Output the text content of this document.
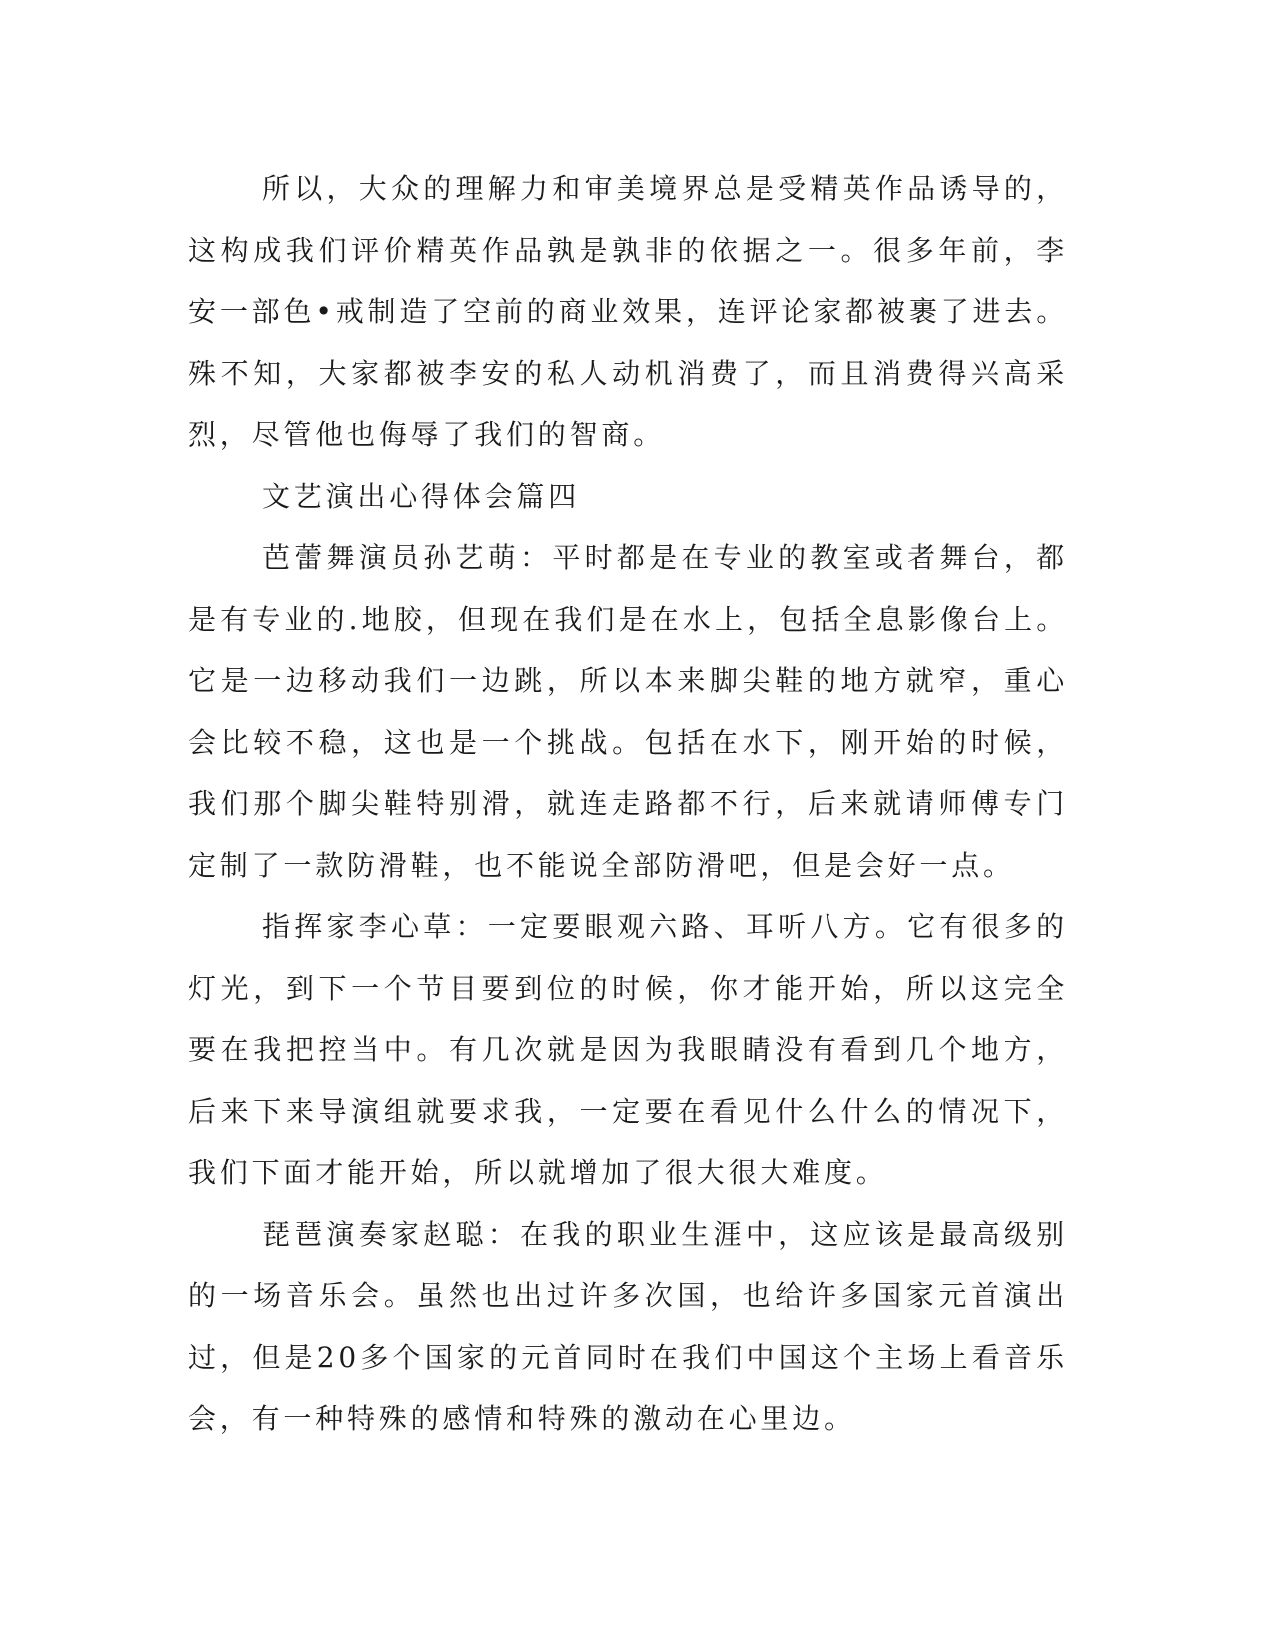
所以，大众的理解力和审美境界总是受精英作品诱导的，这构成我们评价精英作品孰是孰非的依据之一。很多年前，李安一部色•戒制造了空前的商业效果，连评论家都被裹了进去。殊不知，大家都被李安的私人动机消费了，而且消费得兴高采烈，尽管他也侮辱了我们的智商。

文艺演出心得体会篇四

芭蕾舞演员孙艺萌：平时都是在专业的教室或者舞台，都是有专业的.地胶，但现在我们是在水上，包括全息影像台上。它是一边移动我们一边跳，所以本来脚尖鞋的地方就窄，重心会比较不稳，这也是一个挑战。包括在水下，刚开始的时候，我们那个脚尖鞋特别滑，就连走路都不行，后来就请师傅专门定制了一款防滑鞋，也不能说全部防滑吧，但是会好一点。

指挥家李心草：一定要眼观六路、耳听八方。它有很多的灯光，到下一个节目要到位的时候，你才能开始，所以这完全要在我把控当中。有几次就是因为我眼睛没有看到几个地方，后来下来导演组就要求我，一定要在看见什么什么的情况下，我们下面才能开始，所以就增加了很大很大难度。

琵琶演奏家赵聪：在我的职业生涯中，这应该是最高级别的一场音乐会。虽然也出过许多次国，也给许多国家元首演出过，但是20多个国家的元首同时在我们中国这个主场上看音乐会，有一种特殊的感情和特殊的激动在心里边。
